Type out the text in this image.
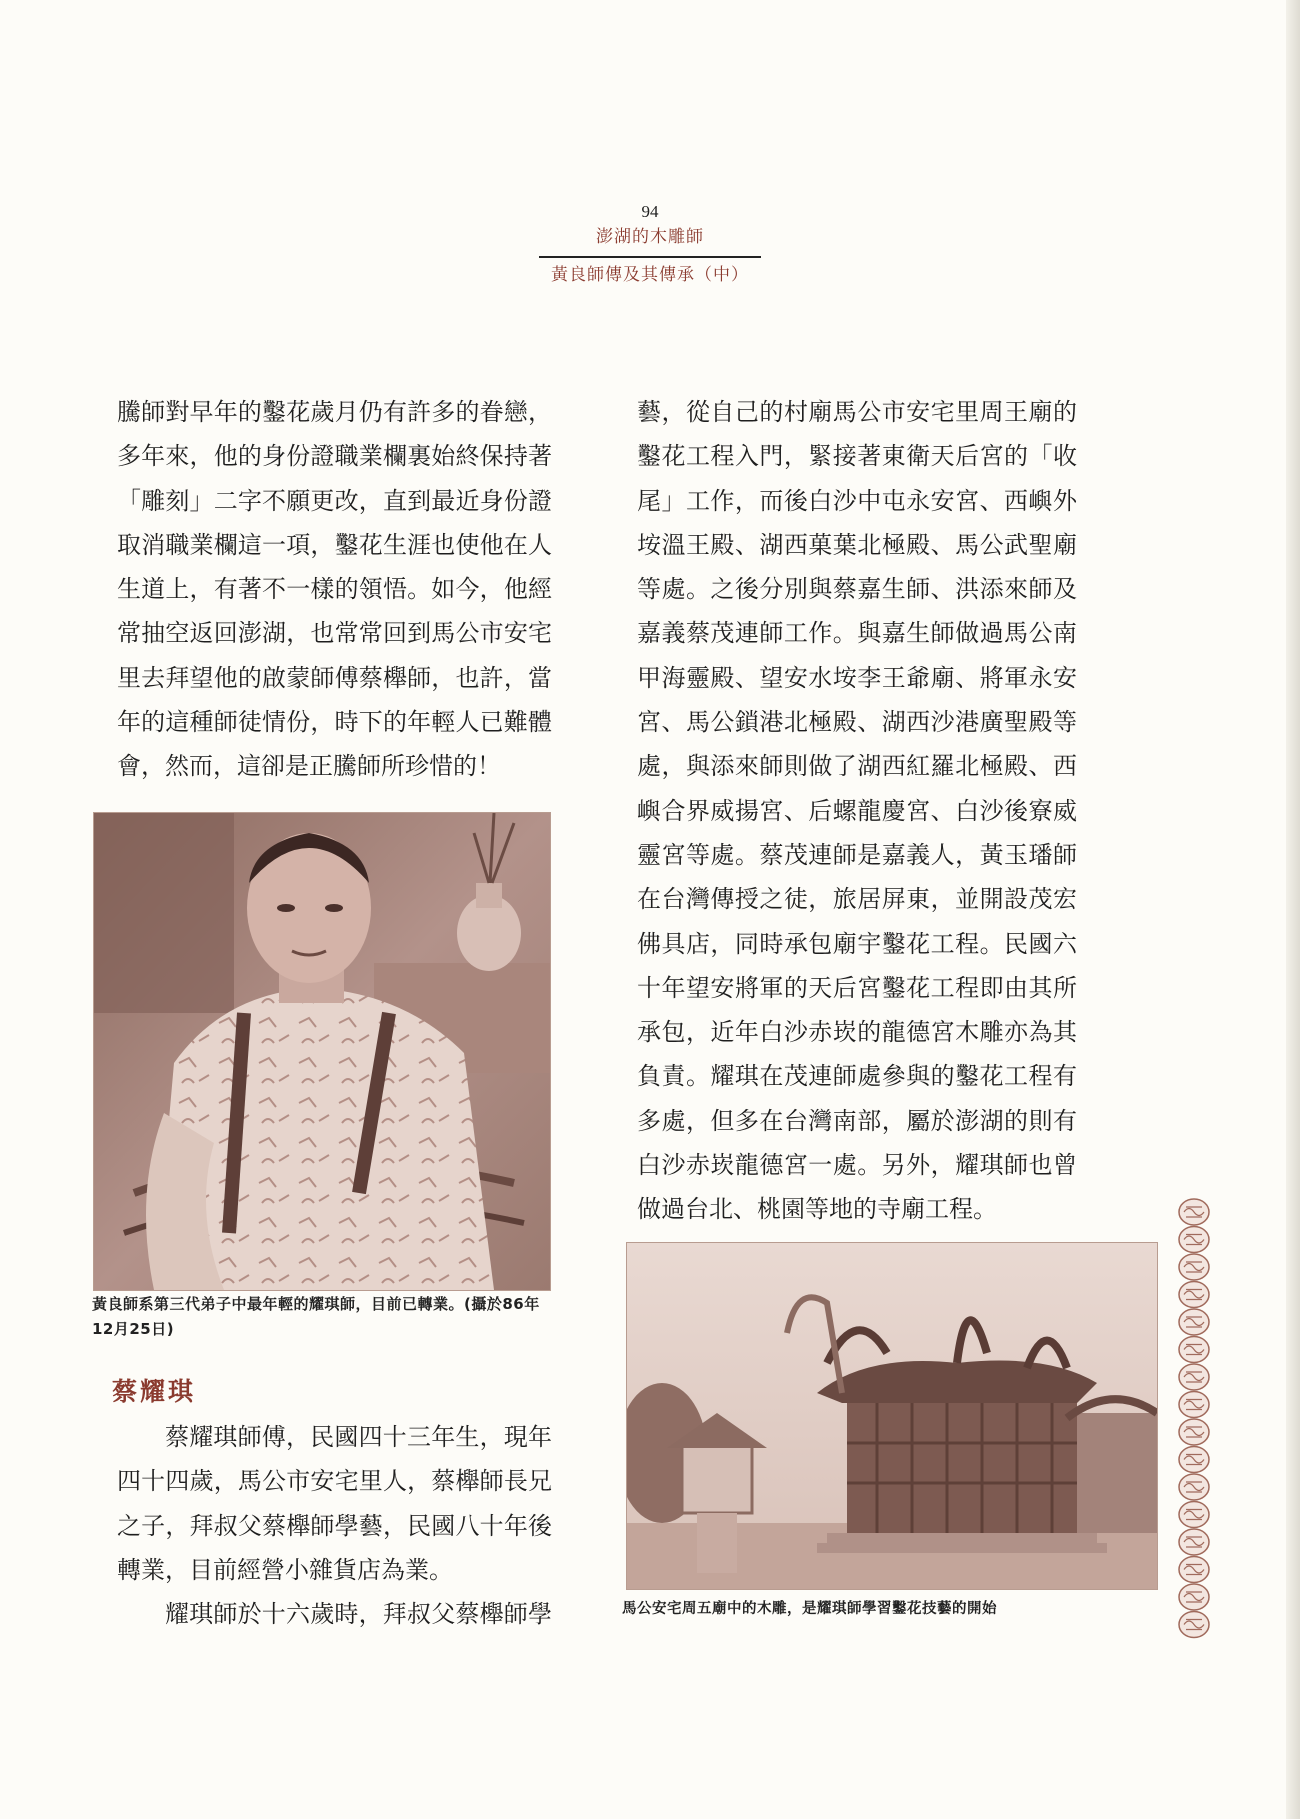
94
澎湖的木雕師
黃良師傳及其傳承（中）
騰師對早年的鑿花歲月仍有許多的眷戀，
多年來，他的身份證職業欄裏始終保持著
「雕刻」二字不願更改，直到最近身份證
取消職業欄這一項，鑿花生涯也使他在人
生道上，有著不一樣的領悟。如今，他經
常抽空返回澎湖，也常常回到馬公市安宅
里去拜望他的啟蒙師傅蔡櫸師，也許，當
年的這種師徒情份，時下的年輕人已難體
會，然而，這卻是正騰師所珍惜的！
黃良師系第三代弟子中最年輕的耀琪師，目前已轉業。(攝於86年12月25日)
蔡耀琪
蔡耀琪師傅，民國四十三年生，現年
四十四歲，馬公市安宅里人，蔡櫸師長兄
之子，拜叔父蔡櫸師學藝，民國八十年後
轉業，目前經營小雜貨店為業。
耀琪師於十六歲時，拜叔父蔡櫸師學
藝，從自己的村廟馬公市安宅里周王廟的
鑿花工程入門，緊接著東衛天后宮的「收
尾」工作，而後白沙中屯永安宮、西嶼外
垵溫王殿、湖西菓葉北極殿、馬公武聖廟
等處。之後分別與蔡嘉生師、洪添來師及
嘉義蔡茂連師工作。與嘉生師做過馬公南
甲海靈殿、望安水垵李王爺廟、將軍永安
宮、馬公鎖港北極殿、湖西沙港廣聖殿等
處，與添來師則做了湖西紅羅北極殿、西
嶼合界威揚宮、后螺龍慶宮、白沙後寮威
靈宮等處。蔡茂連師是嘉義人，黃玉璠師
在台灣傳授之徒，旅居屏東，並開設茂宏
佛具店，同時承包廟宇鑿花工程。民國六
十年望安將軍的天后宮鑿花工程即由其所
承包，近年白沙赤崁的龍德宮木雕亦為其
負責。耀琪在茂連師處參與的鑿花工程有
多處，但多在台灣南部，屬於澎湖的則有
白沙赤崁龍德宮一處。另外，耀琪師也曾
做過台北、桃園等地的寺廟工程。
馬公安宅周五廟中的木雕，是耀琪師學習鑿花技藝的開始
